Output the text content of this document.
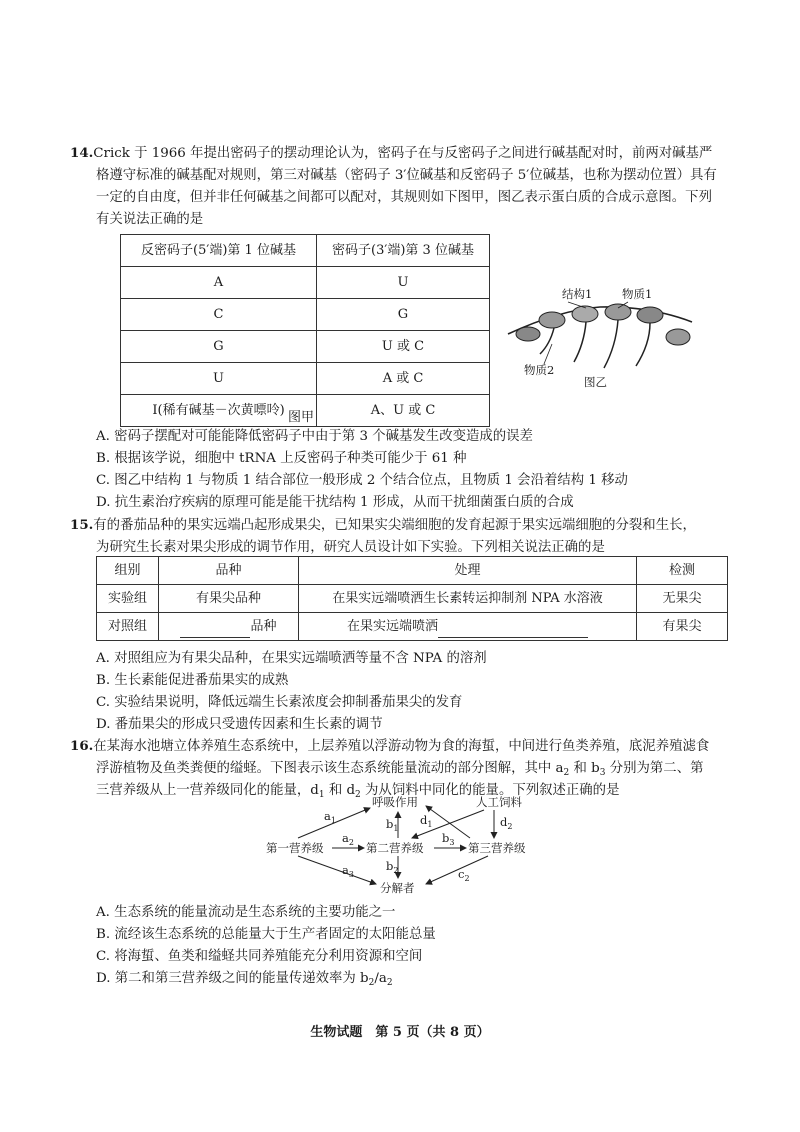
14.Crick 于 1966 年提出密码子的摆动理论认为，密码子在与反密码子之间进行碱基配对时，前两对碱基严

格遵守标准的碱基配对规则，第三对碱基（密码子 3′位碱基和反密码子 5′位碱基，也称为摆动位置）具有

一定的自由度，但并非任何碱基之间都可以配对，其规则如下图甲，图乙表示蛋白质的合成示意图。下列

有关说法正确的是

反密码子(5′端)第 1 位碱基	密码子(3′端)第 3 位碱基
A	U
C	G
G	U 或 C
U	A 或 C
I(稀有碱基－次黄嘌呤)	A、U 或 C
图甲
结构1	物质1
物质2
图乙

A. 密码子摆配对可能能降低密码子中由于第 3 个碱基发生改变造成的误差

B. 根据该学说，细胞中 tRNA 上反密码子种类可能少于 61 种

C. 图乙中结构 1 与物质 1 结合部位一般形成 2 个结合位点，且物质 1 会沿着结构 1 移动

D. 抗生素治疗疾病的原理可能是能干扰结构 1 形成，从而干扰细菌蛋白质的合成

15.有的番茄品种的果实远端凸起形成果尖，已知果实尖端细胞的发育起源于果实远端细胞的分裂和生长，

为研究生长素对果尖形成的调节作用，研究人员设计如下实验。下列相关说法正确的是

组别	品种	处理	检测
实验组	有果尖品种	在果实远端喷洒生长素转运抑制剂 NPA 水溶液	无果尖
对照组	品种	在果实远端喷洒	有果尖

A. 对照组应为有果尖品种，在果实远端喷洒等量不含 NPA 的溶剂

B. 生长素能促进番茄果实的成熟

C. 实验结果说明，降低远端生长素浓度会抑制番茄果尖的发育

D. 番茄果尖的形成只受遗传因素和生长素的调节

16.在某海水池塘立体养殖生态系统中，上层养殖以浮游动物为食的海蜇，中间进行鱼类养殖，底泥养殖滤食

浮游植物及鱼类粪便的缢蛏。下图表示该生态系统能量流动的部分图解，其中 $a_2$ 和 $b_3$ 分别为第二、第

三营养级从上一营养级同化的能量，$d_1$ 和 $d_2$ 为从饲料中同化的能量。下列叙述正确的是

呼吸作用	人工饲料
第一营养级	第二营养级	第三营养级
分解者
$a_1$
$a_2$
$a_3$
$b_1$
$b_2$
$b_3$
$c_2$
$d_1$	$d_2$

A. 生态系统的能量流动是生态系统的主要功能之一

B. 流经该生态系统的总能量大于生产者固定的太阳能总量

C. 将海蜇、鱼类和缢蛏共同养殖能充分利用资源和空间

D. 第二和第三营养级之间的能量传递效率为 $b_2/a_2$

生物试题　第 5 页（共 8 页）
